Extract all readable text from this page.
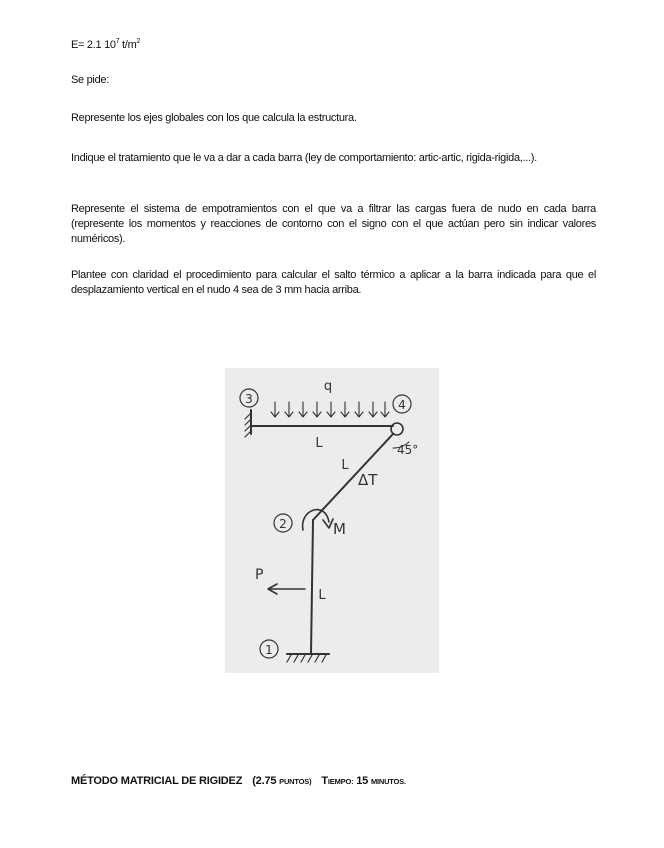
E= 2.1 $10^7$ $t/m^2$
Se pide:

Represente los ejes globales con los que calcula la estructura.

Indique el tratamiento que le va a dar a cada barra (ley de comportamiento: artic-artic, rigida-rigida,...).

Represente el sistema de empotramientos con el que va a filtrar las cargas fuera de nudo en cada barra (represente los momentos y reacciones de contorno con el signo con el que actúan pero sin indicar valores numéricos).

Plantee con claridad el procedimiento para calcular el salto térmico a aplicar a la barra indicada para que el desplazamiento vertical en el nudo 4 sea de 3 mm hacia arriba.

3	4
2
1
q
L
L
L
45°
ΔT
M
P
MÉTODO MATRICIAL DE RIGIDEZ (2.75 PUNTOS) TIEMPO: 15 MINUTOS.
